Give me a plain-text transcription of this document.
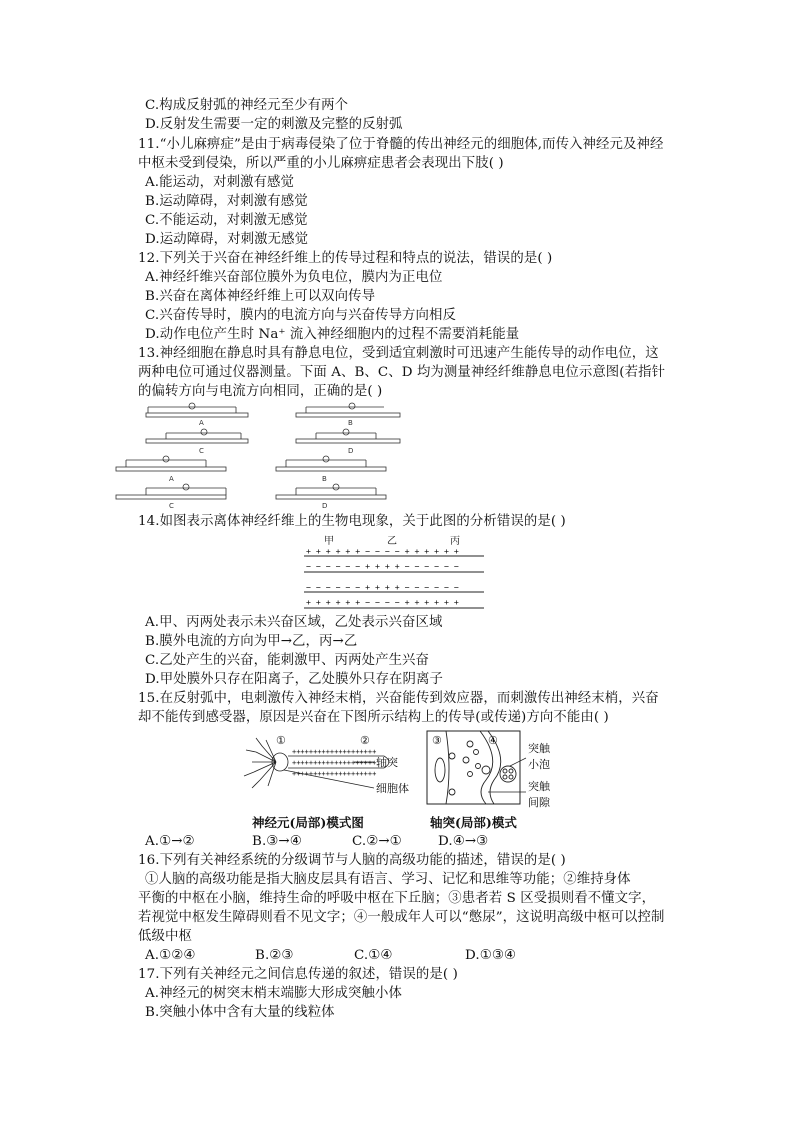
C.构成反射弧的神经元至少有两个
D.反射发生需要一定的刺激及完整的反射弧
11.“小儿麻痹症”是由于病毒侵染了位于脊髓的传出神经元的细胞体,而传入神经元及神经
中枢未受到侵染，所以严重的小儿麻痹症患者会表现出下肢( )
A.能运动，对刺激有感觉
B.运动障碍，对刺激有感觉
C.不能运动，对刺激无感觉
D.运动障碍，对刺激无感觉
12.下列关于兴奋在神经纤维上的传导过程和特点的说法，错误的是( )
A.神经纤维兴奋部位膜外为负电位，膜内为正电位
B.兴奋在离体神经纤维上可以双向传导
C.兴奋传导时，膜内的电流方向与兴奋传导方向相反
D.动作电位产生时 Na⁺ 流入神经细胞内的过程不需要消耗能量
13.神经细胞在静息时具有静息电位，受到适宜刺激时可迅速产生能传导的动作电位，这
两种电位可通过仪器测量。下面 A、B、C、D 均为测量神经纤维静息电位示意图(若指针
的偏转方向与电流方向相同，正确的是( )
A	B
C	D
A	B
C	D
14.如图表示离体神经纤维上的生物电现象，关于此图的分析错误的是( )
甲	乙	丙
+ + + + + + − − − − + + + + + +
− − − − − − + + + + − − − − − −
− − − − − − + + + + − − − − − −
+ + + + + + − − − − + + + + + +
A.甲、丙两处表示未兴奋区域，乙处表示兴奋区域
B.膜外电流的方向为甲→乙，丙→乙
C.乙处产生的兴奋，能刺激甲、丙两处产生兴奋
D.甲处膜外只存在阳离子，乙处膜外只存在阴离子
15.在反射弧中，电刺激传入神经末梢，兴奋能传到效应器，而刺激传出神经末梢，兴奋
却不能传到感受器，原因是兴奋在下图所示结构上的传导(或传递)方向不能由( )
++++++++++++++++++++
++++++++++++++++++++
++++++++++++++++++++
①	②
轴突
细胞体
神经元(局部)模式图
③	④
突触
小泡
突触
间隙
轴突(局部)模式
A.①→②	B.③→④	C.②→①	D.④→③
16.下列有关神经系统的分级调节与人脑的高级功能的描述，错误的是( )
①人脑的高级功能是指大脑皮层具有语言、学习、记忆和思维等功能；②维持身体
平衡的中枢在小脑，维持生命的呼吸中枢在下丘脑；③患者若 S 区受损则看不懂文字，
若视觉中枢发生障碍则看不见文字；④一般成年人可以“憋尿”，这说明高级中枢可以控制
低级中枢
A.①②④	B.②③	C.①④	D.①③④
17.下列有关神经元之间信息传递的叙述，错误的是( )
A.神经元的树突末梢末端膨大形成突触小体
B.突触小体中含有大量的线粒体
